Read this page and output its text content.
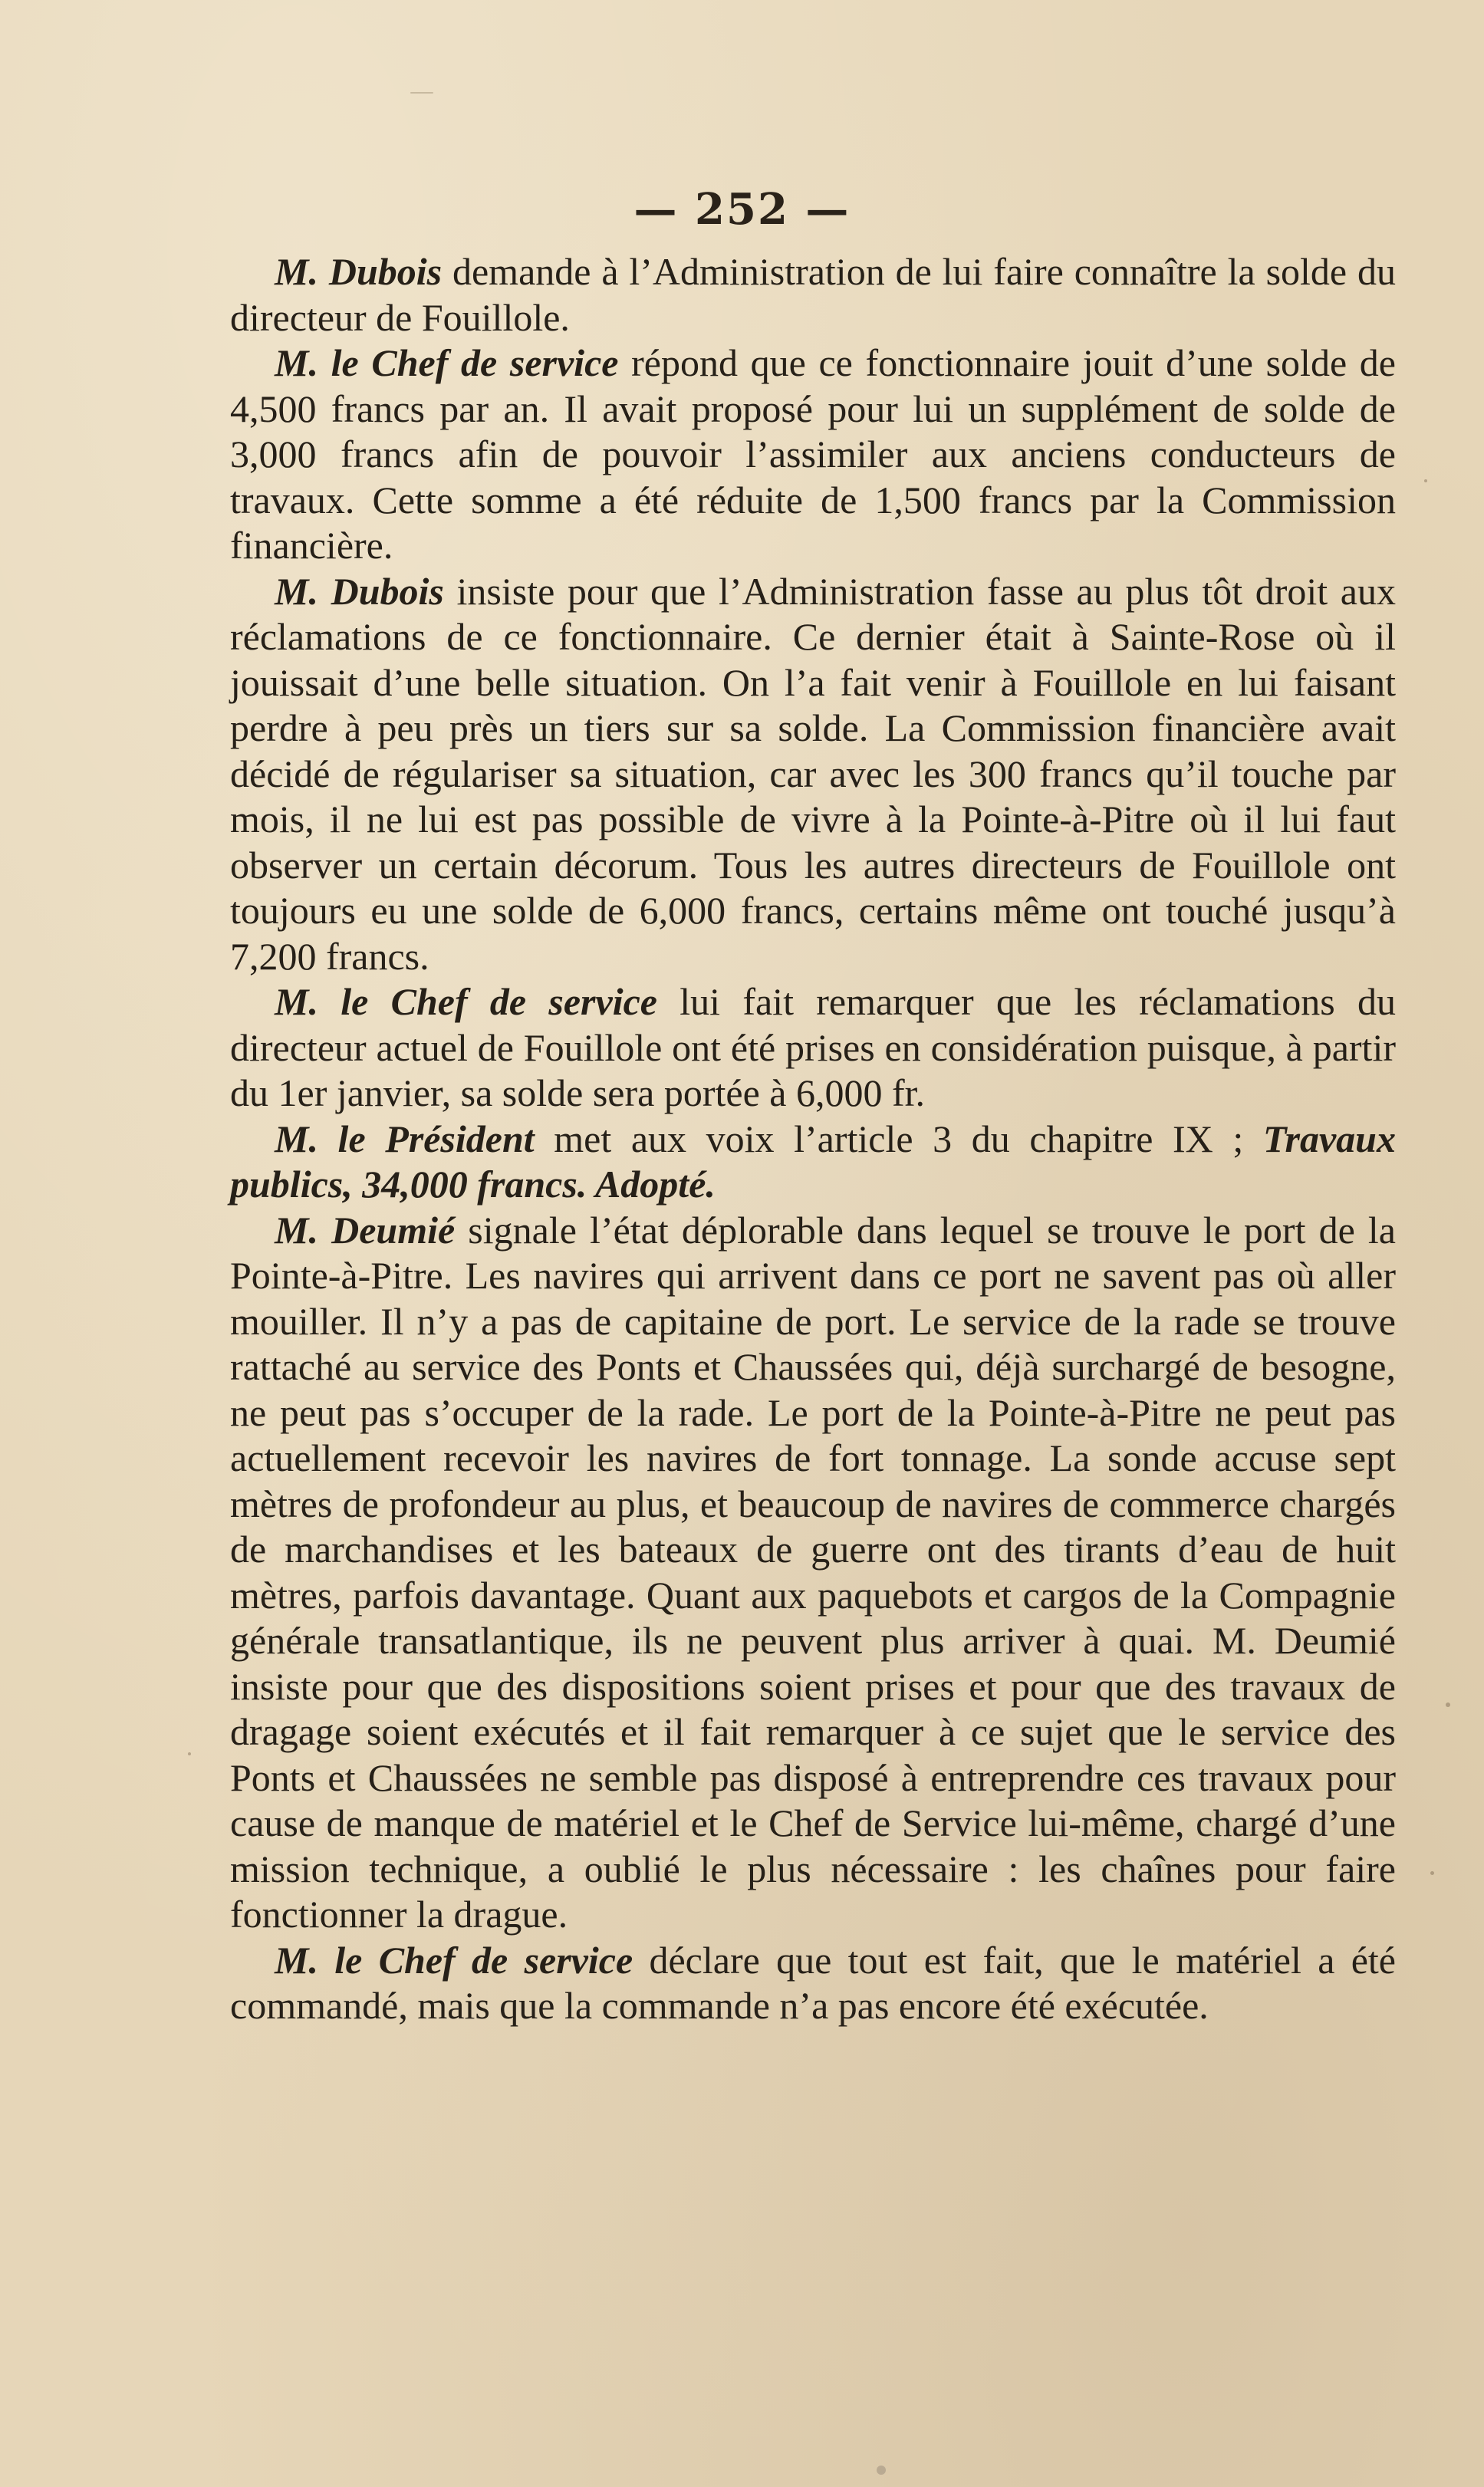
— 252 —

M. Dubois demande à l’Administration de lui faire connaître la solde du directeur de Fouillole.

M. le Chef de service répond que ce fonctionnaire jouit d’une solde de 4,500 francs par an. Il avait proposé pour lui un supplément de solde de 3,000 francs afin de pouvoir l’assimiler aux anciens conducteurs de travaux. Cette somme a été réduite de 1,500 francs par la Commission financière.

M. Dubois insiste pour que l’Administration fasse au plus tôt droit aux réclamations de ce fonctionnaire. Ce dernier était à Sainte-Rose où il jouissait d’une belle situation. On l’a fait venir à Fouillole en lui faisant perdre à peu près un tiers sur sa solde. La Commission financière avait décidé de régulariser sa situation, car avec les 300 francs qu’il touche par mois, il ne lui est pas possible de vivre à la Pointe-à-Pitre où il lui faut observer un certain décorum. Tous les autres directeurs de Fouillole ont toujours eu une solde de 6,000 francs, certains même ont touché jusqu’à 7,200 francs.

M. le Chef de service lui fait remarquer que les réclamations du directeur actuel de Fouillole ont été prises en considération puisque, à partir du 1er janvier, sa solde sera portée à 6,000 fr.

M. le Président met aux voix l’article 3 du chapitre IX ; Travaux publics, 34,000 francs. Adopté.

M. Deumié signale l’état déplorable dans lequel se trouve le port de la Pointe-à-Pitre. Les navires qui arrivent dans ce port ne savent pas où aller mouiller. Il n’y a pas de capitaine de port. Le service de la rade se trouve rattaché au service des Ponts et Chaussées qui, déjà surchargé de besogne, ne peut pas s’occuper de la rade. Le port de la Pointe-à-Pitre ne peut pas actuellement recevoir les navires de fort tonnage. La sonde accuse sept mètres de profondeur au plus, et beaucoup de navires de commerce chargés de marchandises et les bateaux de guerre ont des tirants d’eau de huit mètres, parfois davantage. Quant aux paquebots et cargos de la Compagnie générale transatlantique, ils ne peuvent plus arriver à quai. M. Deumié insiste pour que des dispositions soient prises et pour que des travaux de dragage soient exécutés et il fait remarquer à ce sujet que le service des Ponts et Chaussées ne semble pas disposé à entreprendre ces travaux pour cause de manque de matériel et le Chef de Service lui-même, chargé d’une mission technique, a oublié le plus nécessaire : les chaînes pour faire fonctionner la drague.

M. le Chef de service déclare que tout est fait, que le matériel a été commandé, mais que la commande n’a pas encore été exécutée.
